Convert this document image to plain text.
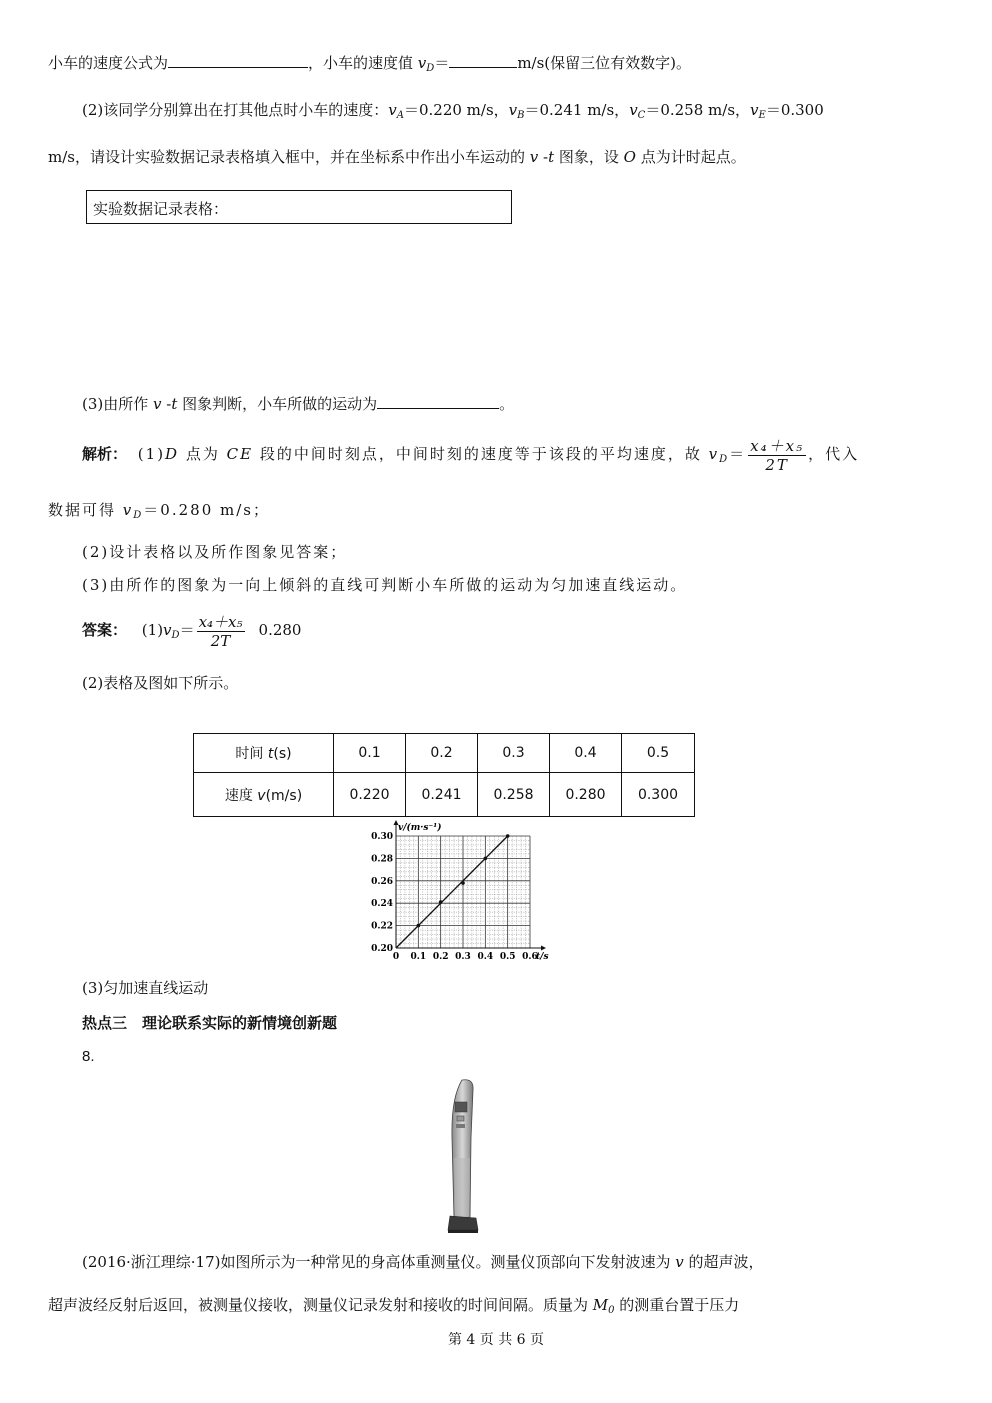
小车的速度公式为	，小车的速度值 $v_D=$	m/s(保留三位有效数字)。
(2)该同学分别算出在打其他点时小车的速度：$v_A=0.220$ m/s，$v_B=0.241$ m/s，$v_C=0.258$ m/s，$v_E=0.300$
m/s，请设计实验数据记录表格填入框中，并在坐标系中作出小车运动的 v -t 图象，设 O 点为计时起点。
实验数据记录表格：
(3)由所作 v -t 图象判断，小车所做的运动为	。
解析： (1)D 点为 CE 段的中间时刻点，中间时刻的速度等于该段的平均速度，故 $v_D= \frac{\text{x₄＋x₅}}{2T}$ ，代入
数据可得 $v_D=0.280$ m/s；
(2)设计表格以及所作图象见答案；
(3)由所作的图象为一向上倾斜的直线可判断小车所做的运动为匀加速直线运动。
答案： $(1)v_D= \frac{\text{x₄＋x₅}}{2T} 0.280$
(2)表格及图如下所示。
时间 t(s)	0.1	0.2	0.3	0.4	0.5
速度 v(m/s)	0.220	0.241	0.258	0.280	0.300
0 0.1 0.2 0.3 0.4 0.5 0.6
0.20
0.22
0.24
0.26
0.28
0.30
t/s
v/(m·s⁻¹)
(3)匀加速直线运动
热点三　理论联系实际的新情境创新题
8.
(2016·浙江理综·17)如图所示为一种常见的身高体重测量仪。测量仪顶部向下发射波速为 v 的超声波，
超声波经反射后返回，被测量仪接收，测量仪记录发射和接收的时间间隔。质量为 $M_0$ 的测重台置于压力
第 4 页 共 6 页
